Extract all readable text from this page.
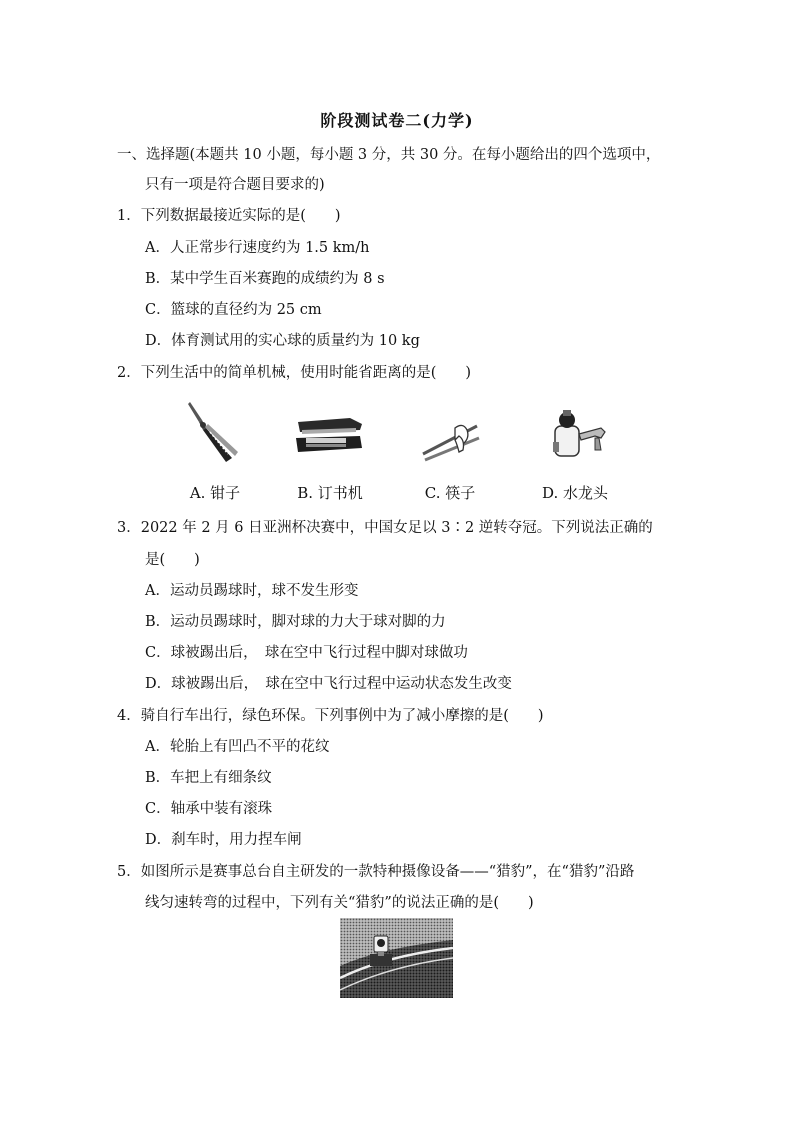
阶段测试卷二(力学)
一、选择题(本题共 10 小题，每小题 3 分，共 30 分。在每小题给出的四个选项中，
只有一项是符合题目要求的)
1．下列数据最接近实际的是(　　)
A．人正常步行速度约为 1.5 km/h
B．某中学生百米赛跑的成绩约为 8 s
C．篮球的直径约为 25 cm
D．体育测试用的实心球的质量约为 10 kg
2．下列生活中的简单机械，使用时能省距离的是(　　)
A. 钳子	B. 订书机	C. 筷子	D. 水龙头
3．2022 年 2 月 6 日亚洲杯决赛中，中国女足以 3∶2 逆转夺冠。下列说法正确的
是(　　)
A．运动员踢球时，球不发生形变
B．运动员踢球时，脚对球的力大于球对脚的力
C．球被踢出后，　球在空中飞行过程中脚对球做功
D．球被踢出后，　球在空中飞行过程中运动状态发生改变
4．骑自行车出行，绿色环保。下列事例中为了减小摩擦的是(　　)
A．轮胎上有凹凸不平的花纹
B．车把上有细条纹
C．轴承中装有滚珠
D．刹车时，用力捏车闸
5．如图所示是赛事总台自主研发的一款特种摄像设备——“猎豹”，在“猎豹”沿路
线匀速转弯的过程中，下列有关“猎豹”的说法正确的是(　　)
